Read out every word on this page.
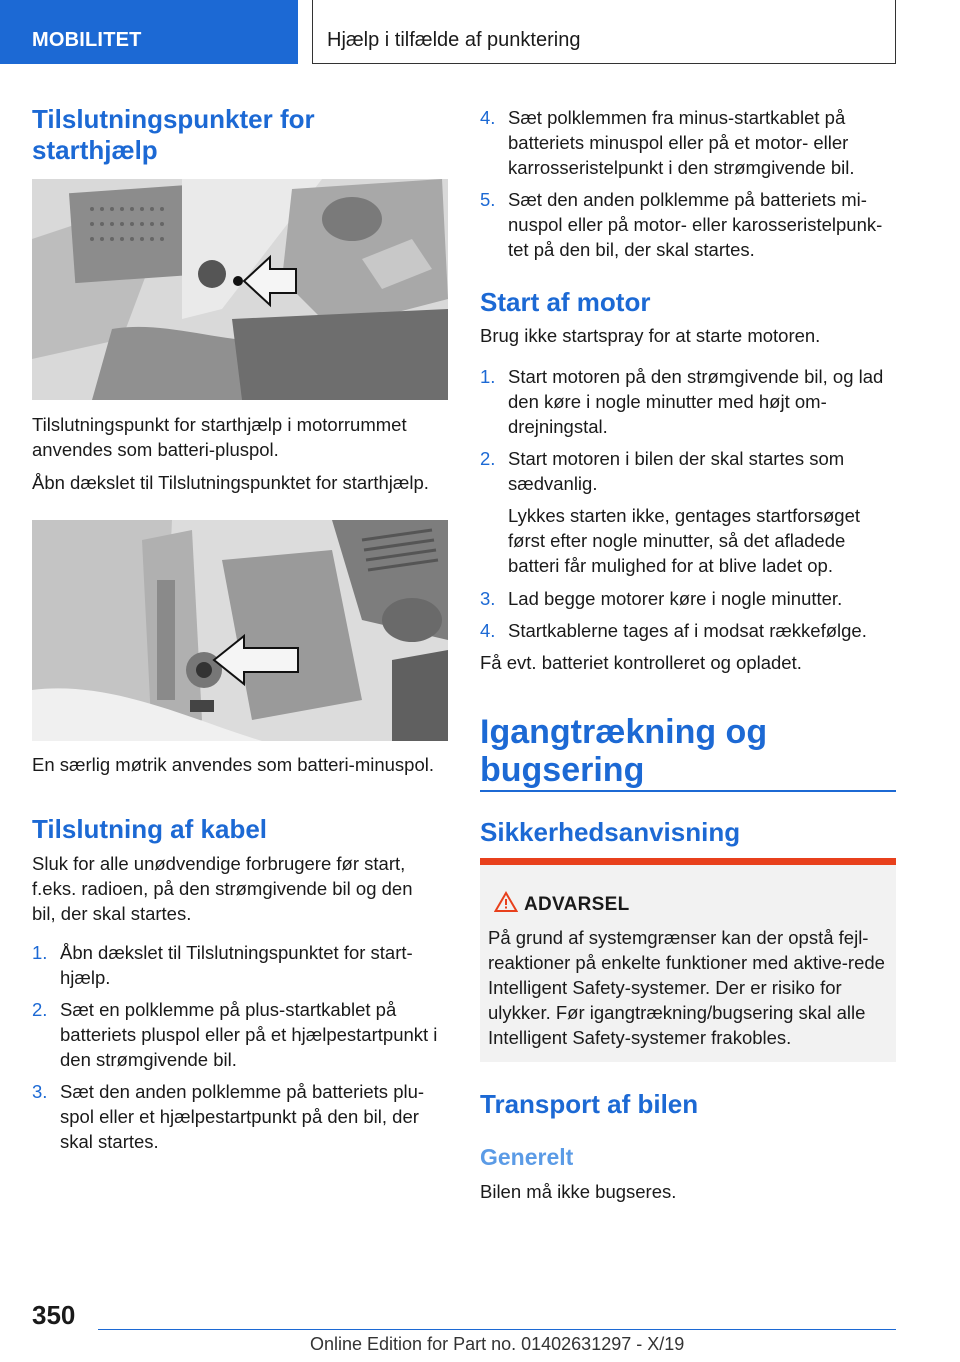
MOBILITET	Hjælp i tilfælde af punktering
Tilslutningspunkter for starthjælp
Tilslutningspunkt for starthjælp i motorrummet anvendes som batteri-pluspol.
Åbn dækslet til Tilslutningspunktet for starthjælp.
En særlig møtrik anvendes som batteri-minuspol.
Tilslutning af kabel
Sluk for alle unødvendige forbrugere før start, f.eks. radioen, på den strømgivende bil og den bil, der skal startes.
1. Åbn dækslet til Tilslutningspunktet for start-hjælp.
2. Sæt en polklemme på plus-startkablet på batteriets pluspol eller på et hjælpestartpunkt i den strømgivende bil.
3. Sæt den anden polklemme på batteriets plu-spol eller et hjælpestartpunkt på den bil, der skal startes.
4. Sæt polklemmen fra minus-startkablet på batteriets minuspol eller på et motor- eller karrosseristelpunkt i den strømgivende bil.
5. Sæt den anden polklemme på batteriets mi-nuspol eller på motor- eller karosseristelpunk-tet på den bil, der skal startes.
Start af motor
Brug ikke startspray for at starte motoren.
1. Start motoren på den strømgivende bil, og lad den køre i nogle minutter med højt om-drejningstal.
2. Start motoren i bilen der skal startes som sædvanlig.
Lykkes starten ikke, gentages startforsøget først efter nogle minutter, så det afladede batteri får mulighed for at blive ladet op.
3. Lad begge motorer køre i nogle minutter.
4. Startkablerne tages af i modsat rækkefølge.
Få evt. batteriet kontrolleret og opladet.
Igangtrækning og bugsering
Sikkerhedsanvisning
ADVARSEL
På grund af systemgrænser kan der opstå fejl-reaktioner på enkelte funktioner med aktive-rede Intelligent Safety-systemer. Der er risiko for ulykker. Før igangtrækning/bugsering skal alle Intelligent Safety-systemer frakobles.
Transport af bilen
Generelt
Bilen må ikke bugseres.
350
Online Edition for Part no. 01402631297 - X/19
